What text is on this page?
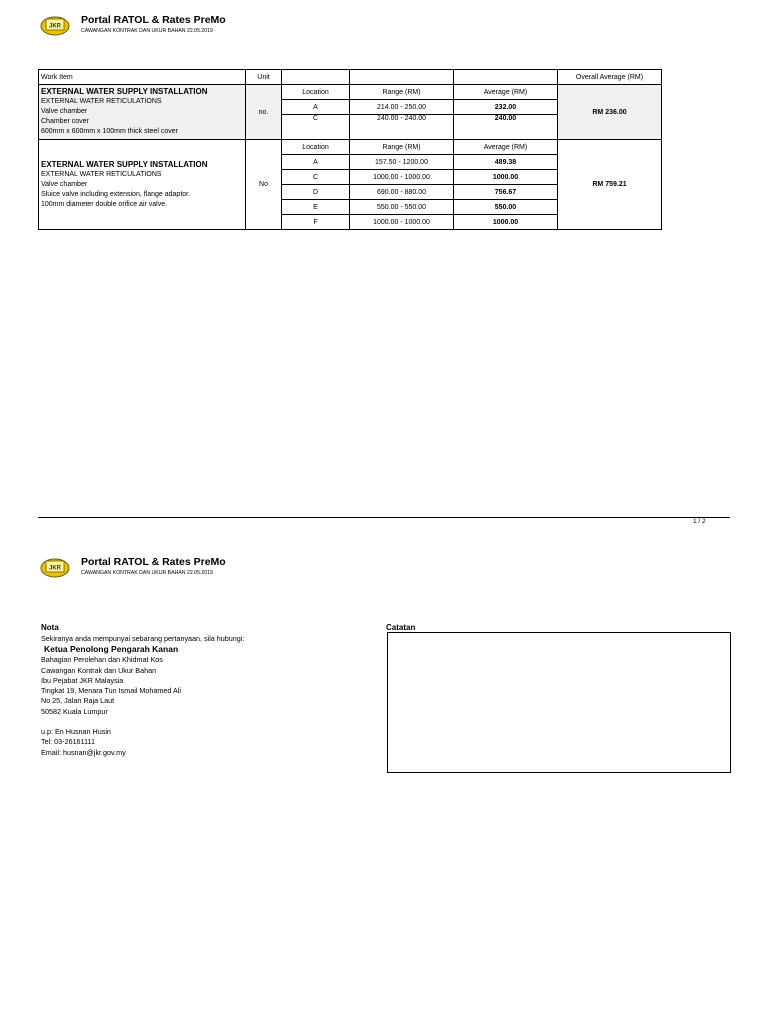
JKR
Portal RATOL & Rates PreMo
CAWANGAN KONTRAK DAN UKUR BAHAN 22.05.2019
Work Item	Unit				Overall Average (RM)

EXTERNAL WATER SUPPLY INSTALLATION
EXTERNAL WATER RETICULATIONS
Valve chamber
Chamber cover
600mm x 600mm x 100mm thick steel cover	no.	Location	Range (RM)	Average (RM)	RM 236.00
		A	214.00 - 250.00	232.00	
		C	240.00 - 240.00	240.00	

EXTERNAL WATER SUPPLY INSTALLATION
EXTERNAL WATER RETICULATIONS
Valve chamber
Sluice valve including extension, flange adaptor.
100mm diameter double orifice air valve.	No	Location	Range (RM)	Average (RM)	RM 759.21
		A	157.50 - 1200.00	489.38	
		C	1000.00 - 1000.00	1000.00	
		D	690.00 - 880.00	756.67	
		E	550.00 - 550.00	550.00	
		F	1000.00 - 1000.00	1000.00	
1 / 2
JKR
Portal RATOL & Rates PreMo
CAWANGAN KONTRAK DAN UKUR BAHAN 22.05.2019
Nota
Sekiranya anda mempunyai sebarang pertanyaan, sila hubungi:
Ketua Penolong Pengarah Kanan
Bahagian Perolehan dan Khidmat Kos
Cawangan Kontrak dan Ukur Bahan
Ibu Pejabat JKR Malaysia
Tingkat 19, Menara Tun Ismail Mohamed Ali
No 25, Jalan Raja Laut
50582 Kuala Lumpur
u.p: En Husnan Husin
Tel: 03-26161111
Email: husnan@jkr.gov.my
Catatan
